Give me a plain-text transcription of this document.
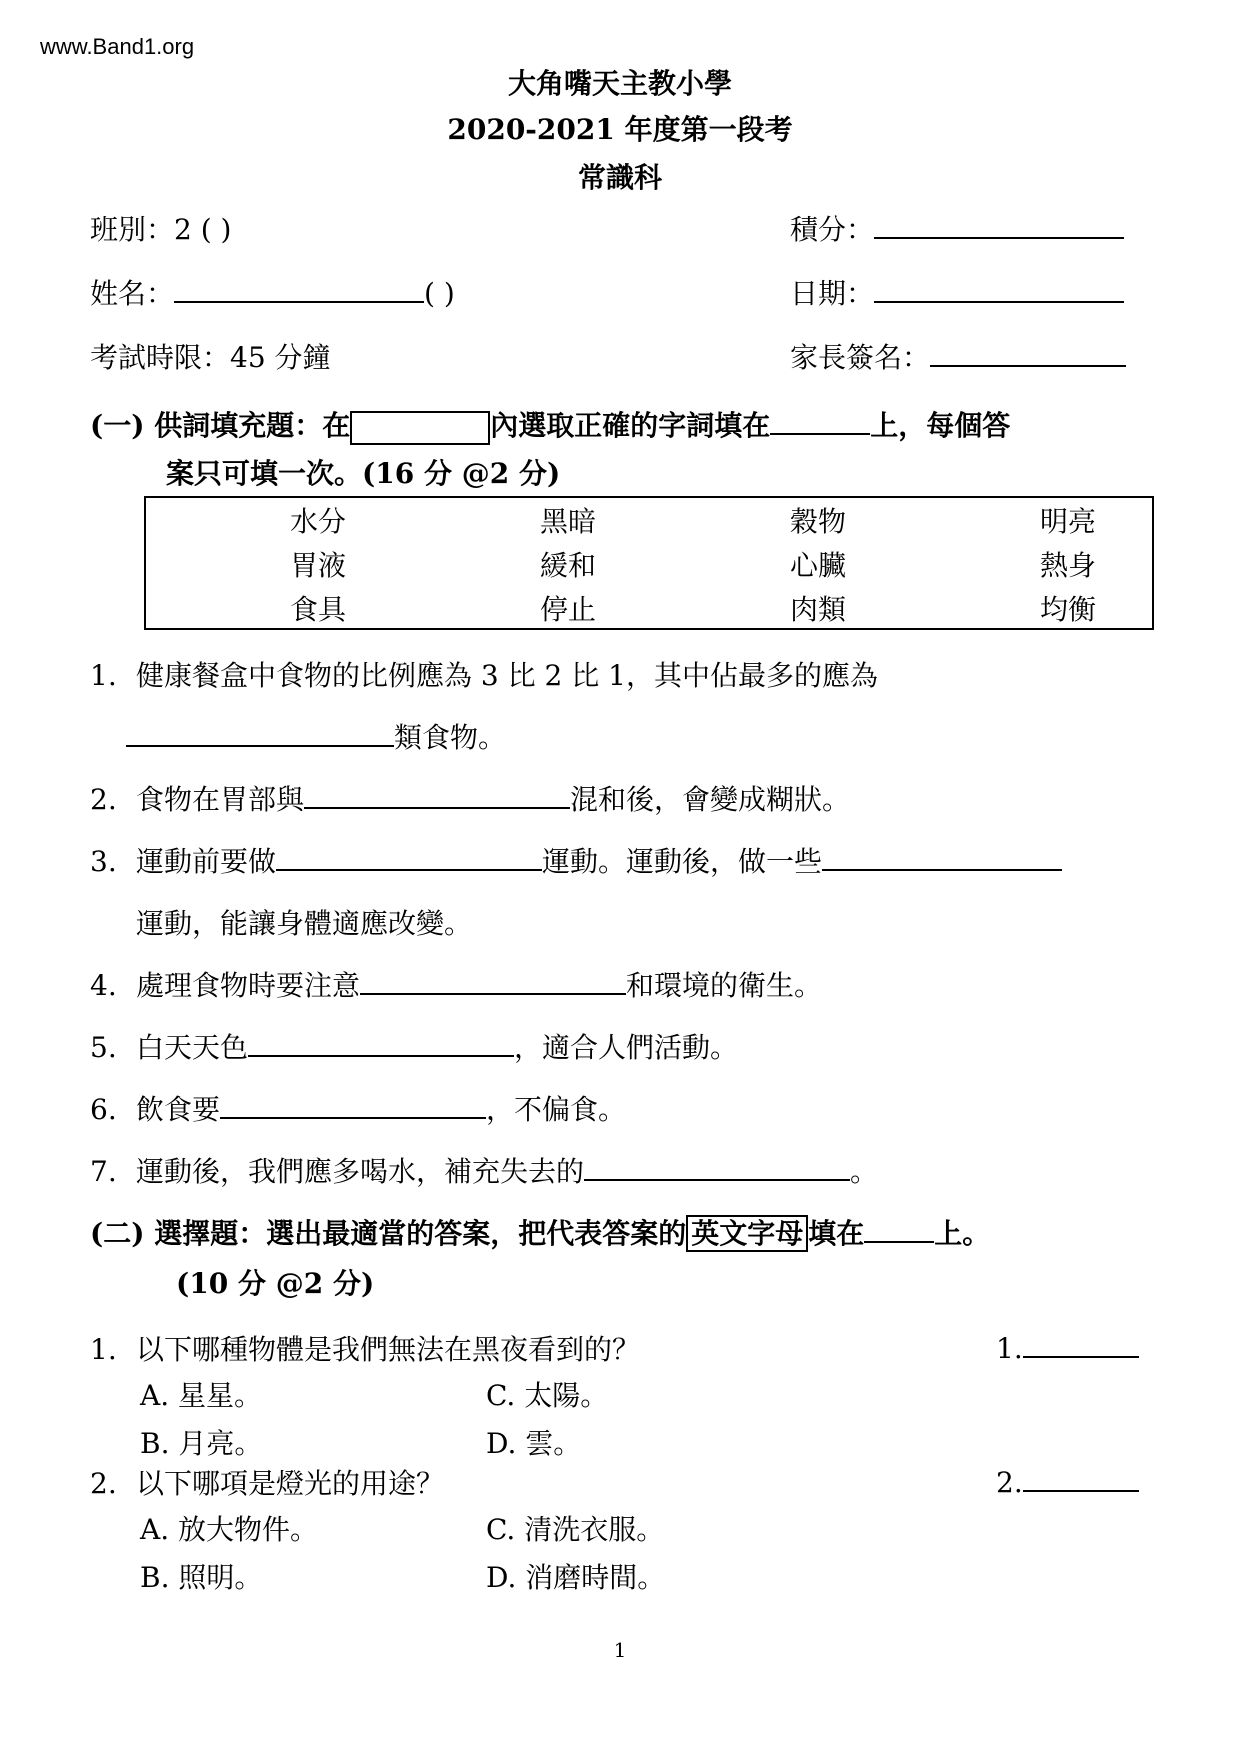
www.Band1.org
大角嘴天主教小學
2020-2021 年度第一段考
常識科
班別：2 ( )	積分：
姓名：	( )	日期：
考試時限：45 分鐘	家長簽名：
(一) 供詞填充題：在	內選取正確的字詞填在	上，每個答
案只可填一次。(16 分 @2 分)
水分	黑暗	穀物	明亮
胃液	緩和	心臟	熱身
食具	停止	肉類	均衡
1. 健康餐盒中食物的比例應為 3 比 2 比 1，其中佔最多的應為
類食物。
2. 食物在胃部與	混和後，會變成糊狀。
3. 運動前要做	運動。運動後，做一些
運動，能讓身體適應改變。
4. 處理食物時要注意	和環境的衛生。
5. 白天天色	，適合人們活動。
6. 飲食要	，不偏食。
7. 運動後，我們應多喝水，補充失去的	。
(二) 選擇題：選出最適當的答案，把代表答案的 英文字母 填在	上。
(10 分 @2 分)
1. 以下哪種物體是我們無法在黑夜看到的？	1.
A. 星星。	C. 太陽。
B. 月亮。	D. 雲。
2. 以下哪項是燈光的用途？	2.
A. 放大物件。	C. 清洗衣服。
B. 照明。	D. 消磨時間。
1
